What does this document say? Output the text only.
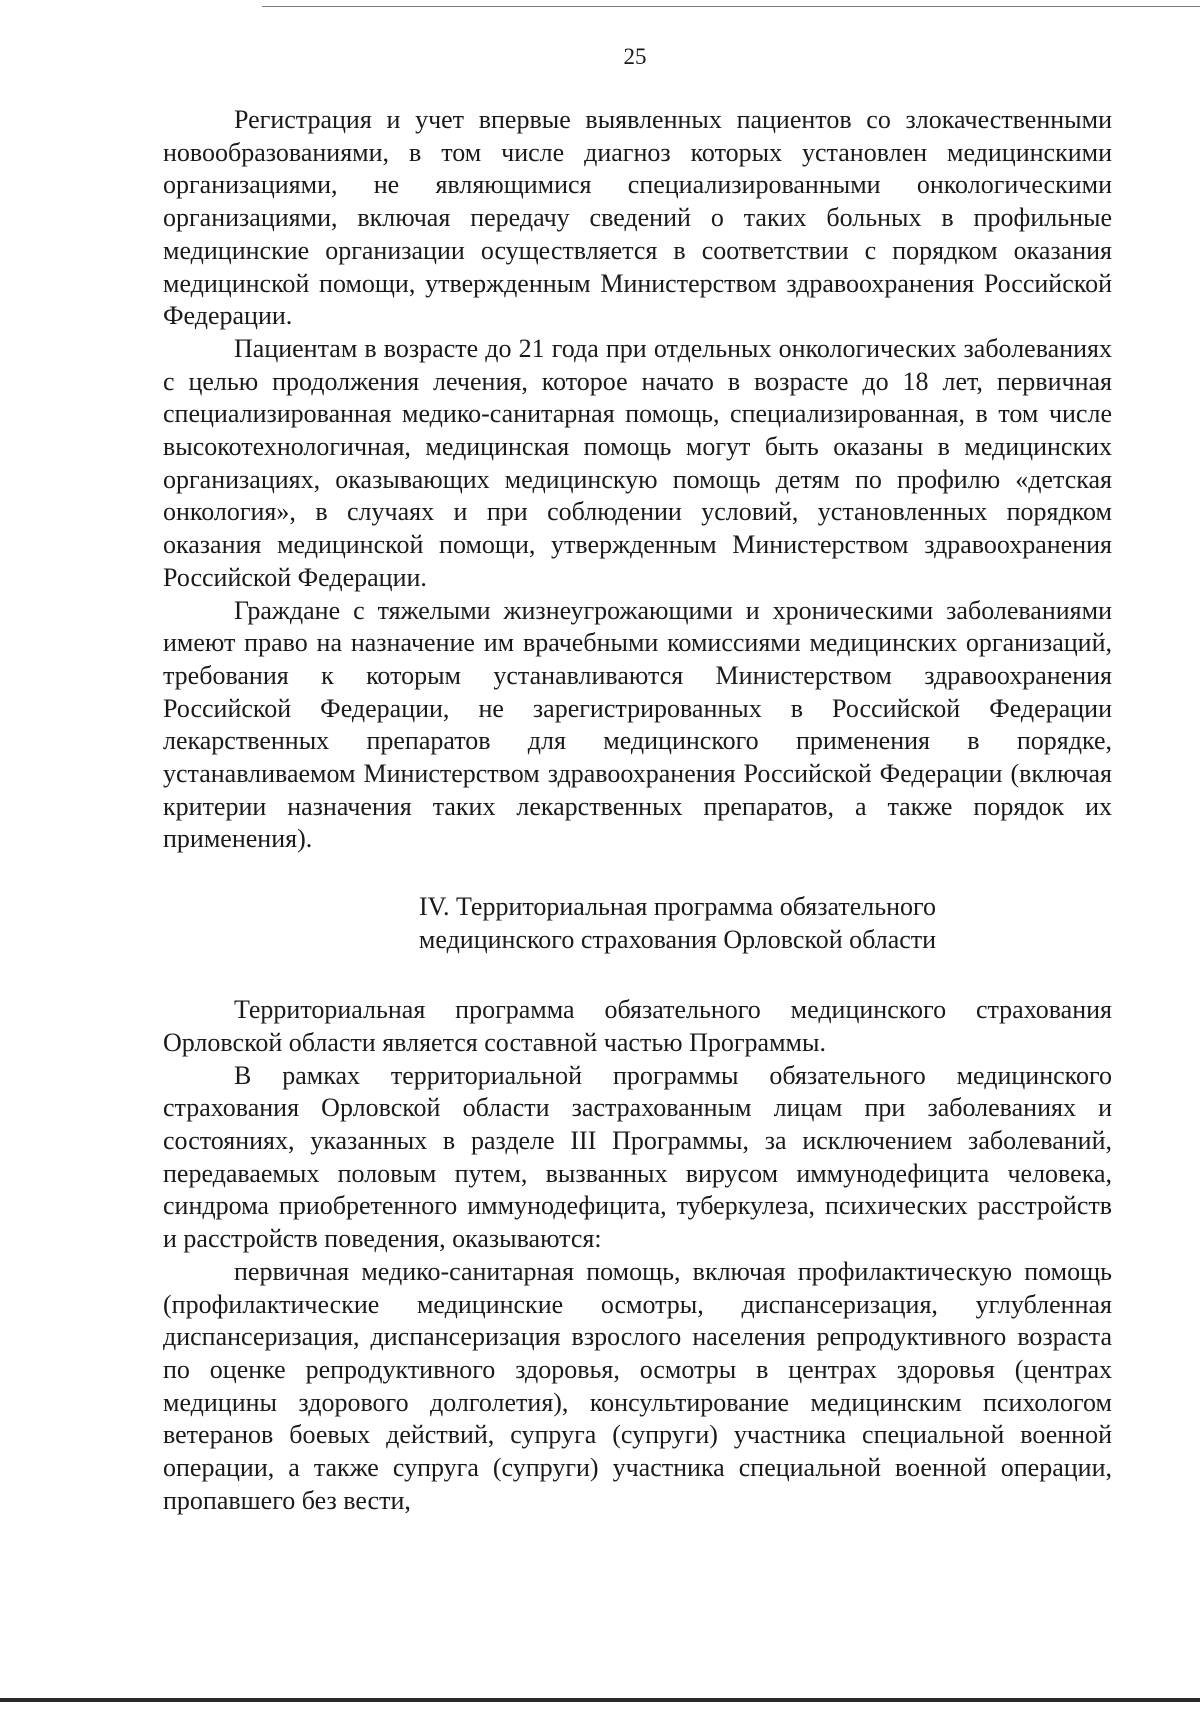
25

Регистрация и учет впервые выявленных пациентов со злокачественными новообразованиями, в том числе диагноз которых установлен медицинскими организациями, не являющимися специализированными онкологическими организациями, включая передачу сведений о таких больных в профильные медицинские организации осуществляется в соответствии с порядком оказания медицинской помощи, утвержденным Министерством здравоохранения Российской Федерации.

Пациентам в возрасте до 21 года при отдельных онкологических заболеваниях с целью продолжения лечения, которое начато в возрасте до 18 лет, первичная специализированная медико-санитарная помощь, специализированная, в том числе высокотехнологичная, медицинская помощь могут быть оказаны в медицинских организациях, оказывающих медицинскую помощь детям по профилю «детская онкология», в случаях и при соблюдении условий, установленных порядком оказания медицинской помощи, утвержденным Министерством здравоохранения Российской Федерации.

Граждане с тяжелыми жизнеугрожающими и хроническими заболеваниями имеют право на назначение им врачебными комиссиями медицинских организаций, требования к которым устанавливаются Министерством здравоохранения Российской Федерации, не зарегистрированных в Российской Федерации лекарственных препаратов для медицинского применения в порядке, устанавливаемом Министерством здравоохранения Российской Федерации (включая критерии назначения таких лекарственных препаратов, а также порядок их применения).

IV. Территориальная программа обязательного
медицинского страхования Орловской области

Территориальная программа обязательного медицинского страхования Орловской области является составной частью Программы.

В рамках территориальной программы обязательного медицинского страхования Орловской области застрахованным лицам при заболеваниях и состояниях, указанных в разделе III Программы, за исключением заболеваний, передаваемых половым путем, вызванных вирусом иммунодефицита человека, синдрома приобретенного иммунодефицита, туберкулеза, психических расстройств и расстройств поведения, оказываются:

первичная медико-санитарная помощь, включая профилактическую помощь (профилактические медицинские осмотры, диспансеризация, углубленная диспансеризация, диспансеризация взрослого населения репродуктивного возраста по оценке репродуктивного здоровья, осмотры в центрах здоровья (центрах медицины здорового долголетия), консультирование медицинским психологом ветеранов боевых действий, супруга (супруги) участника специальной военной операции, а также супруга (супруги) участника специальной военной операции, пропавшего без вести,
